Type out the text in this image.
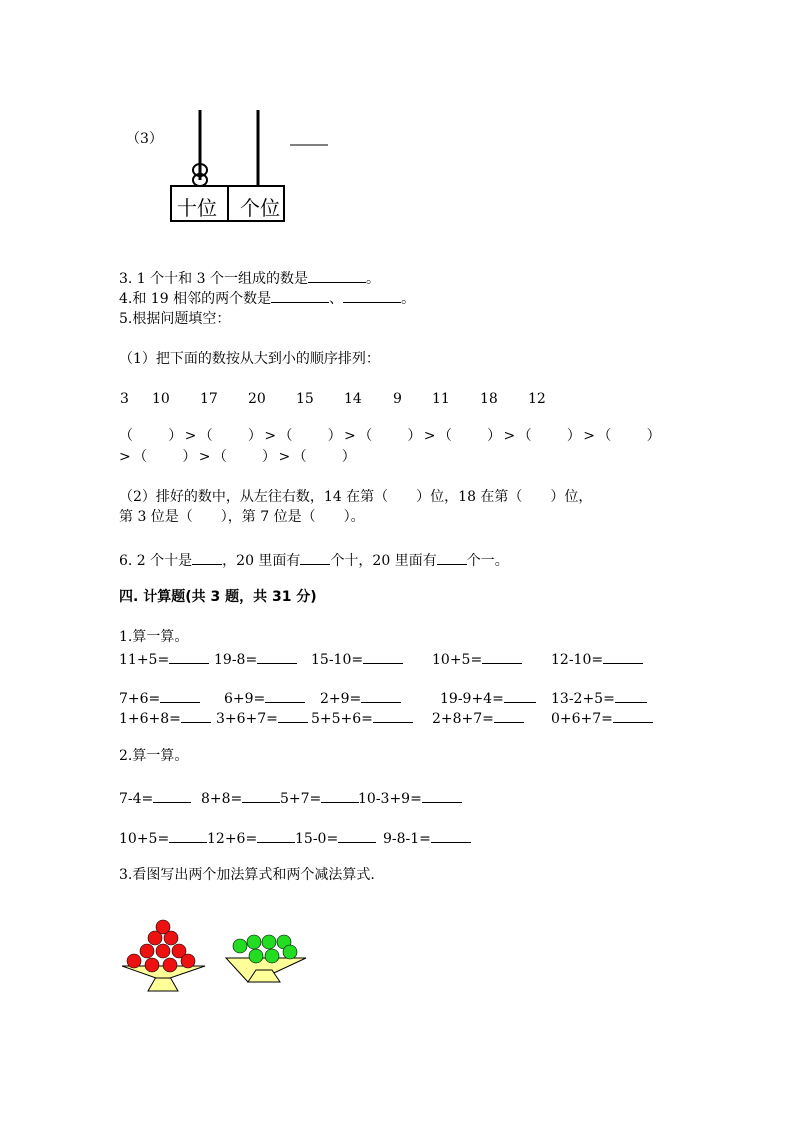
（3）
十位 个位
3. 1 个十和 3 个一组成的数是	。
4.和 19 相邻的两个数是	、	。
5.根据问题填空：
（1）把下面的数按从大到小的顺序排列：
3 10 17 20 15 14 9 11 18 12
（　　）>（　　）>（　　）>（　　）>（　　）>（　　）>（　　）
>（　　）>（　　）>（　　）
（2）排好的数中，从左往右数，14 在第（　　）位，18 在第（　　）位，
第 3 位是（　　），第 7 位是（　　）。
6. 2 个十是 ，20 里面有 个十，20 里面有 个一。
四. 计算题(共 3 题，共 31 分)
1.算一算。
11+5=	19-8=	15-10=	10+5=	12-10=
7+6=	6+9=	2+9=	19-9+4=	13-2+5=
1+6+8=	3+6+7=	5+5+6=	2+8+7=	0+6+7=
2.算一算。
7-4=	8+8=	5+7=	10-3+9=
10+5=	12+6=	15-0=	9-8-1=
3.看图写出两个加法算式和两个减法算式.
